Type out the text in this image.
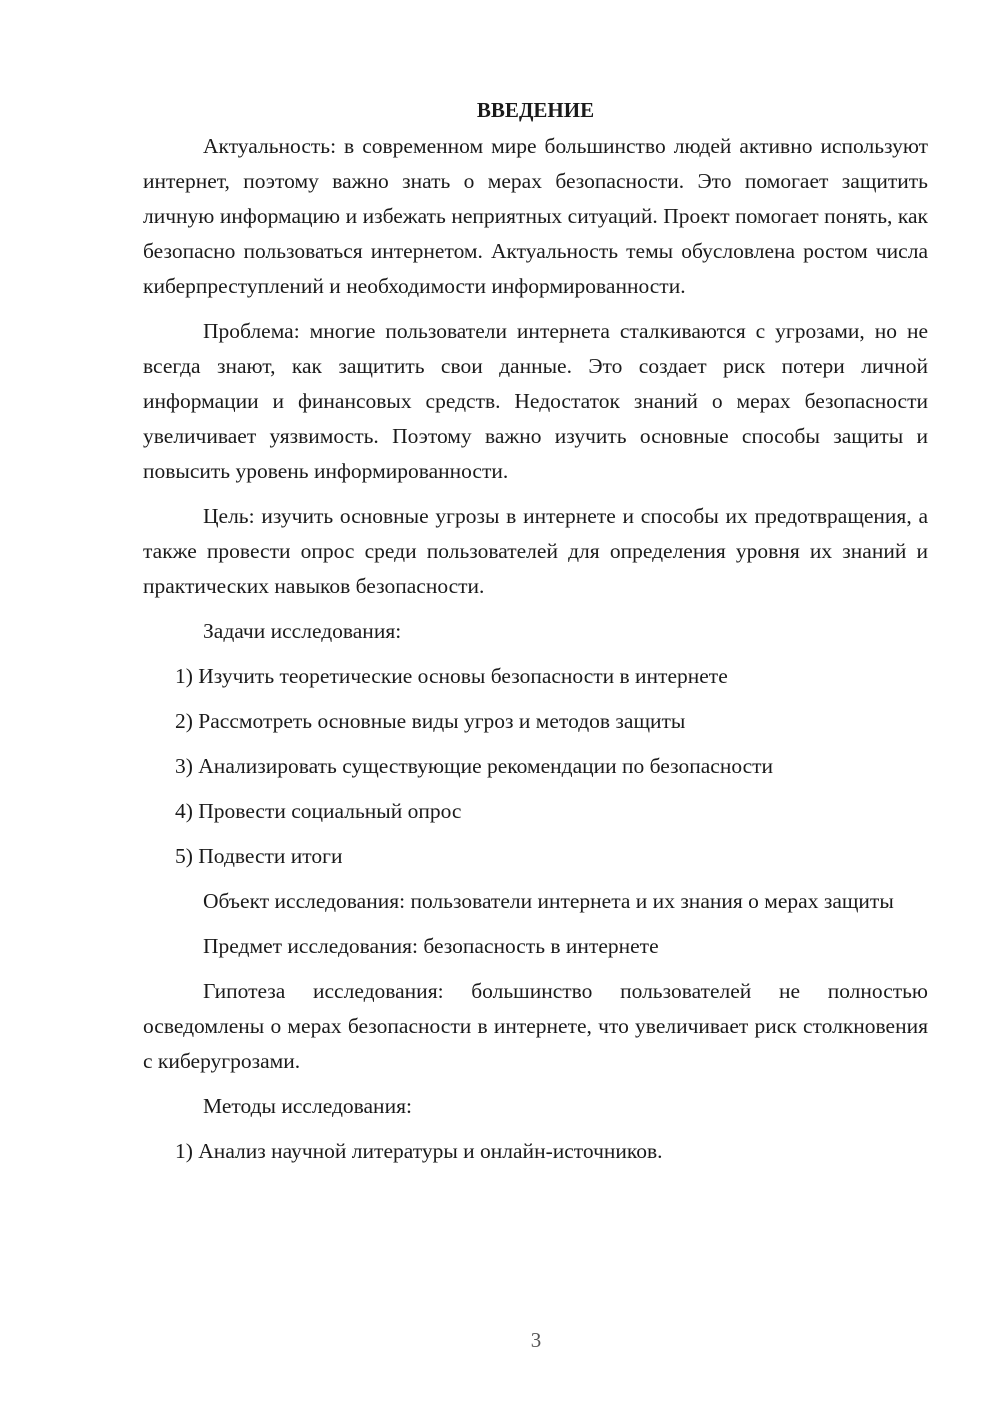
ВВЕДЕНИЕ

Актуальность: в современном мире большинство людей активно используют интернет, поэтому важно знать о мерах безопасности. Это помогает защитить личную информацию и избежать неприятных ситуаций. Проект помогает понять, как безопасно пользоваться интернетом. Актуальность темы обусловлена ростом числа киберпреступлений и необходимости информированности.

Проблема: многие пользователи интернета сталкиваются с угрозами, но не всегда знают, как защитить свои данные. Это создает риск потери личной информации и финансовых средств. Недостаток знаний о мерах безопасности увеличивает уязвимость. Поэтому важно изучить основные способы защиты и повысить уровень информированности.

Цель: изучить основные угрозы в интернете и способы их предотвращения, а также провести опрос среди пользователей для определения уровня их знаний и практических навыков безопасности.

Задачи исследования:

1) Изучить теоретические основы безопасности в интернете
2) Рассмотреть основные виды угроз и методов защиты
3) Анализировать существующие рекомендации по безопасности
4) Провести социальный опрос
5) Подвести итоги

Объект исследования: пользователи интернета и их знания о мерах защиты

Предмет исследования: безопасность в интернете

Гипотеза исследования: большинство пользователей не полностью осведомлены о мерах безопасности в интернете, что увеличивает риск столкновения с киберугрозами.

Методы исследования:

1) Анализ научной литературы и онлайн-источников.
3
